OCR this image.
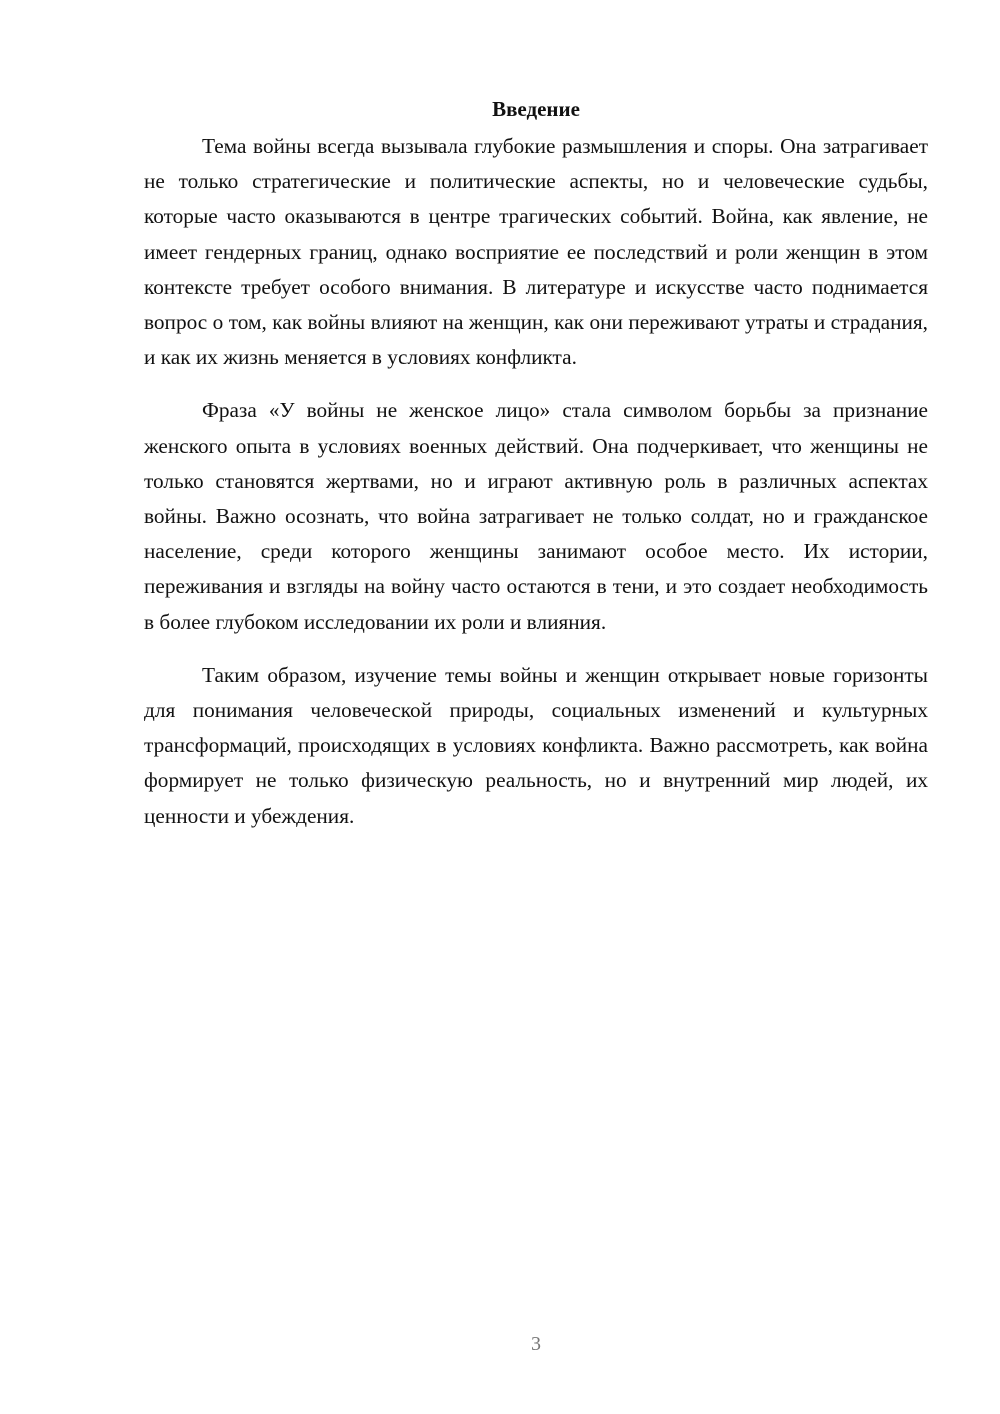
Введение

Тема войны всегда вызывала глубокие размышления и споры. Она затрагивает не только стратегические и политические аспекты, но и человеческие судьбы, которые часто оказываются в центре трагических событий. Война, как явление, не имеет гендерных границ, однако восприятие ее последствий и роли женщин в этом контексте требует особого внимания. В литературе и искусстве часто поднимается вопрос о том, как войны влияют на женщин, как они переживают утраты и страдания, и как их жизнь меняется в условиях конфликта.

Фраза «У войны не женское лицо» стала символом борьбы за признание женского опыта в условиях военных действий. Она подчеркивает, что женщины не только становятся жертвами, но и играют активную роль в различных аспектах войны. Важно осознать, что война затрагивает не только солдат, но и гражданское население, среди которого женщины занимают особое место. Их истории, переживания и взгляды на войну часто остаются в тени, и это создает необходимость в более глубоком исследовании их роли и влияния.

Таким образом, изучение темы войны и женщин открывает новые горизонты для понимания человеческой природы, социальных изменений и культурных трансформаций, происходящих в условиях конфликта. Важно рассмотреть, как война формирует не только физическую реальность, но и внутренний мир людей, их ценности и убеждения.

3
